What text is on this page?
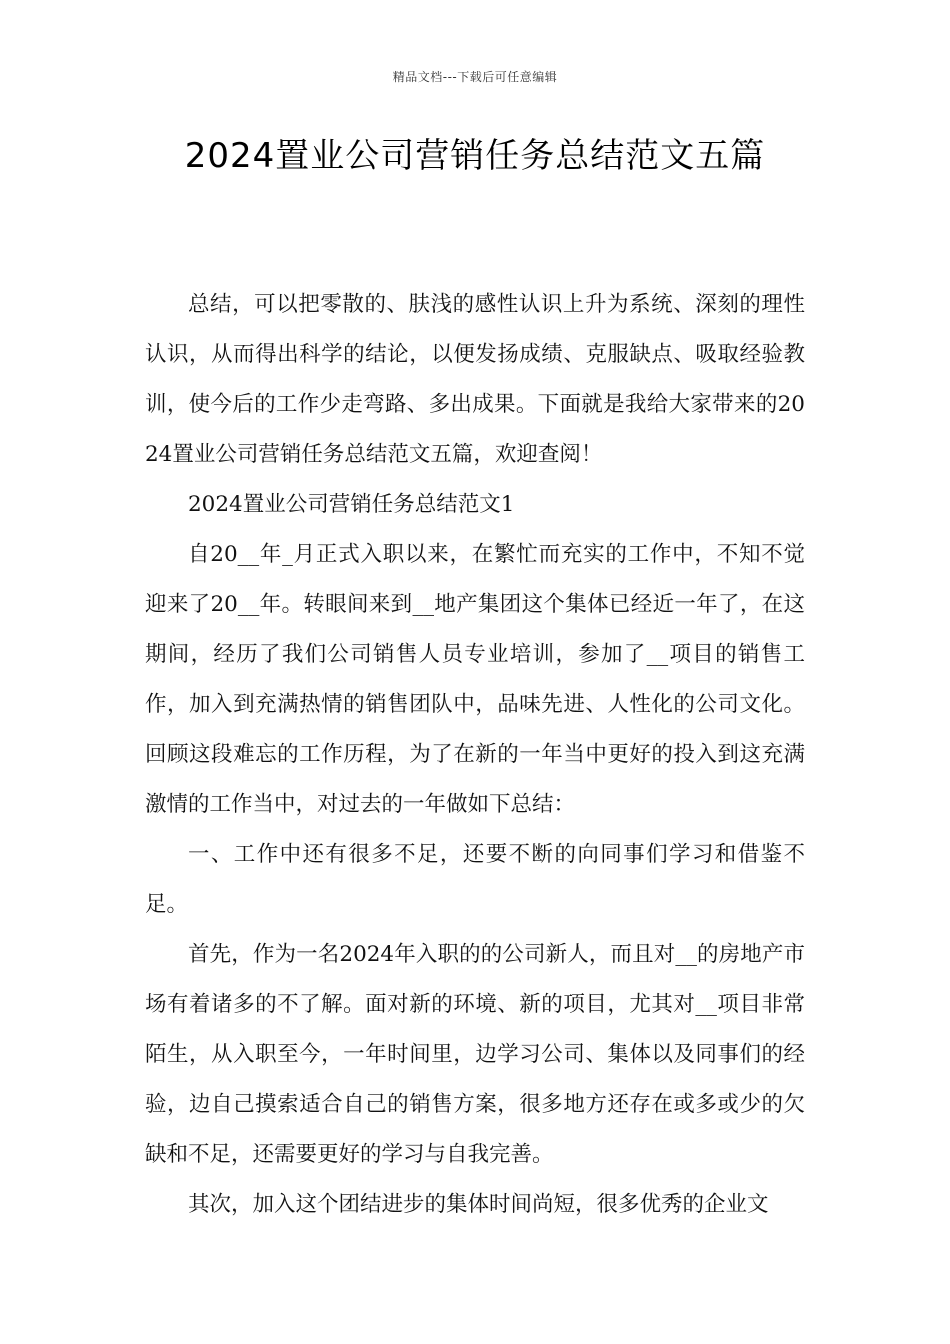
精品文档---下载后可任意编辑
2024置业公司营销任务总结范文五篇

总结，可以把零散的、肤浅的感性认识上升为系统、深刻的理性认识，从而得出科学的结论，以便发扬成绩、克服缺点、吸取经验教训，使今后的工作少走弯路、多出成果。下面就是我给大家带来的2024置业公司营销任务总结范文五篇，欢迎查阅！

2024置业公司营销任务总结范文1

自20__年_月正式入职以来，在繁忙而充实的工作中，不知不觉迎来了20__年。转眼间来到__地产集团这个集体已经近一年了，在这期间，经历了我们公司销售人员专业培训，参加了__项目的销售工作，加入到充满热情的销售团队中，品味先进、人性化的公司文化。回顾这段难忘的工作历程，为了在新的一年当中更好的投入到这充满激情的工作当中，对过去的一年做如下总结：

一、工作中还有很多不足，还要不断的向同事们学习和借鉴不足。

首先，作为一名2024年入职的的公司新人，而且对__的房地产市场有着诸多的不了解。面对新的环境、新的项目，尤其对__项目非常陌生，从入职至今，一年时间里，边学习公司、集体以及同事们的经验，边自己摸索适合自己的销售方案，很多地方还存在或多或少的欠缺和不足，还需要更好的学习与自我完善。

其次，加入这个团结进步的集体时间尚短，很多优秀的企业文
